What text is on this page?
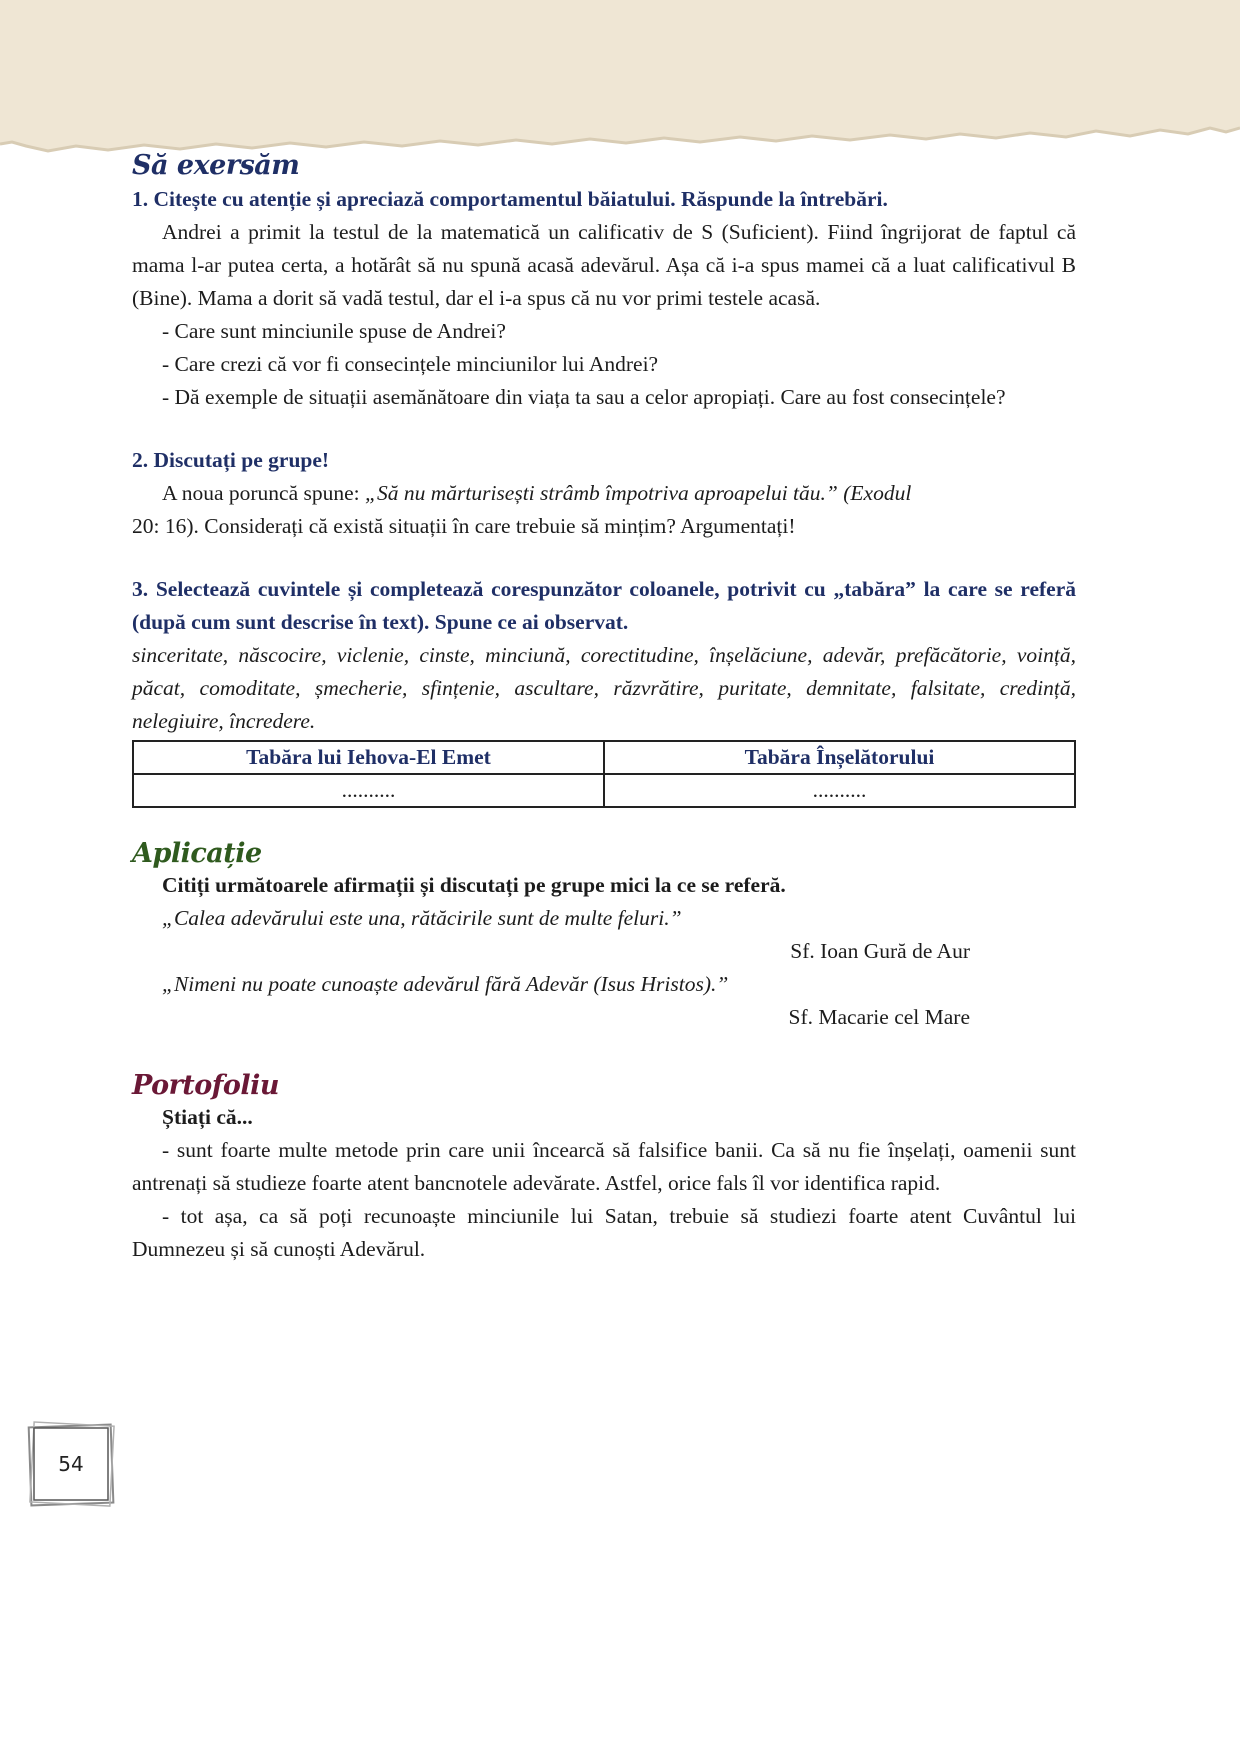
Să exersăm

1. Citește cu atenție și apreciază comportamentul băiatului. Răspunde la întrebări.

Andrei a primit la testul de la matematică un calificativ de S (Suficient). Fiind îngrijorat de faptul că mama l-ar putea certa, a hotărât să nu spună acasă adevărul. Așa că i-a spus mamei că a luat calificativul B (Bine). Mama a dorit să vadă testul, dar el i-a spus că nu vor primi testele acasă.

- Care sunt minciunile spuse de Andrei?

- Care crezi că vor fi consecințele minciunilor lui Andrei?

- Dă exemple de situații asemănătoare din viața ta sau a celor apropiați. Care au fost consecințele?

2. Discutați pe grupe!

A noua poruncă spune: „Să nu mărturisești strâmb împotriva aproapelui tău.” (Exodul

20: 16). Considerați că există situații în care trebuie să mințim? Argumentați!

3. Selectează cuvintele și completează corespunzător coloanele, potrivit cu „tabăra” la care se referă (după cum sunt descrise în text). Spune ce ai observat.

sinceritate, născocire, viclenie, cinste, minciună, corectitudine, înșelăciune, adevăr, prefăcătorie, voință, păcat, comoditate, șmecherie, sfințenie, ascultare, răzvrătire, puritate, demnitate, falsitate, credință, nelegiuire, încredere.

Tabăra lui Iehova-El Emet	Tabăra Înșelătorului
..........	..........
Aplicație

Citiți următoarele afirmații și discutați pe grupe mici la ce se referă.

„Calea adevărului este una, rătăcirile sunt de multe feluri.”

Sf. Ioan Gură de Aur

„Nimeni nu poate cunoaște adevărul fără Adevăr (Isus Hristos).”

Sf. Macarie cel Mare

Portofoliu

Știați că...

- sunt foarte multe metode prin care unii încearcă să falsifice banii. Ca să nu fie înșelați, oamenii sunt antrenați să studieze foarte atent bancnotele adevărate. Astfel, orice fals îl vor identifica rapid.

- tot așa, ca să poți recunoaște minciunile lui Satan, trebuie să studiezi foarte atent Cuvântul lui Dumnezeu și să cunoști Adevărul.

54
